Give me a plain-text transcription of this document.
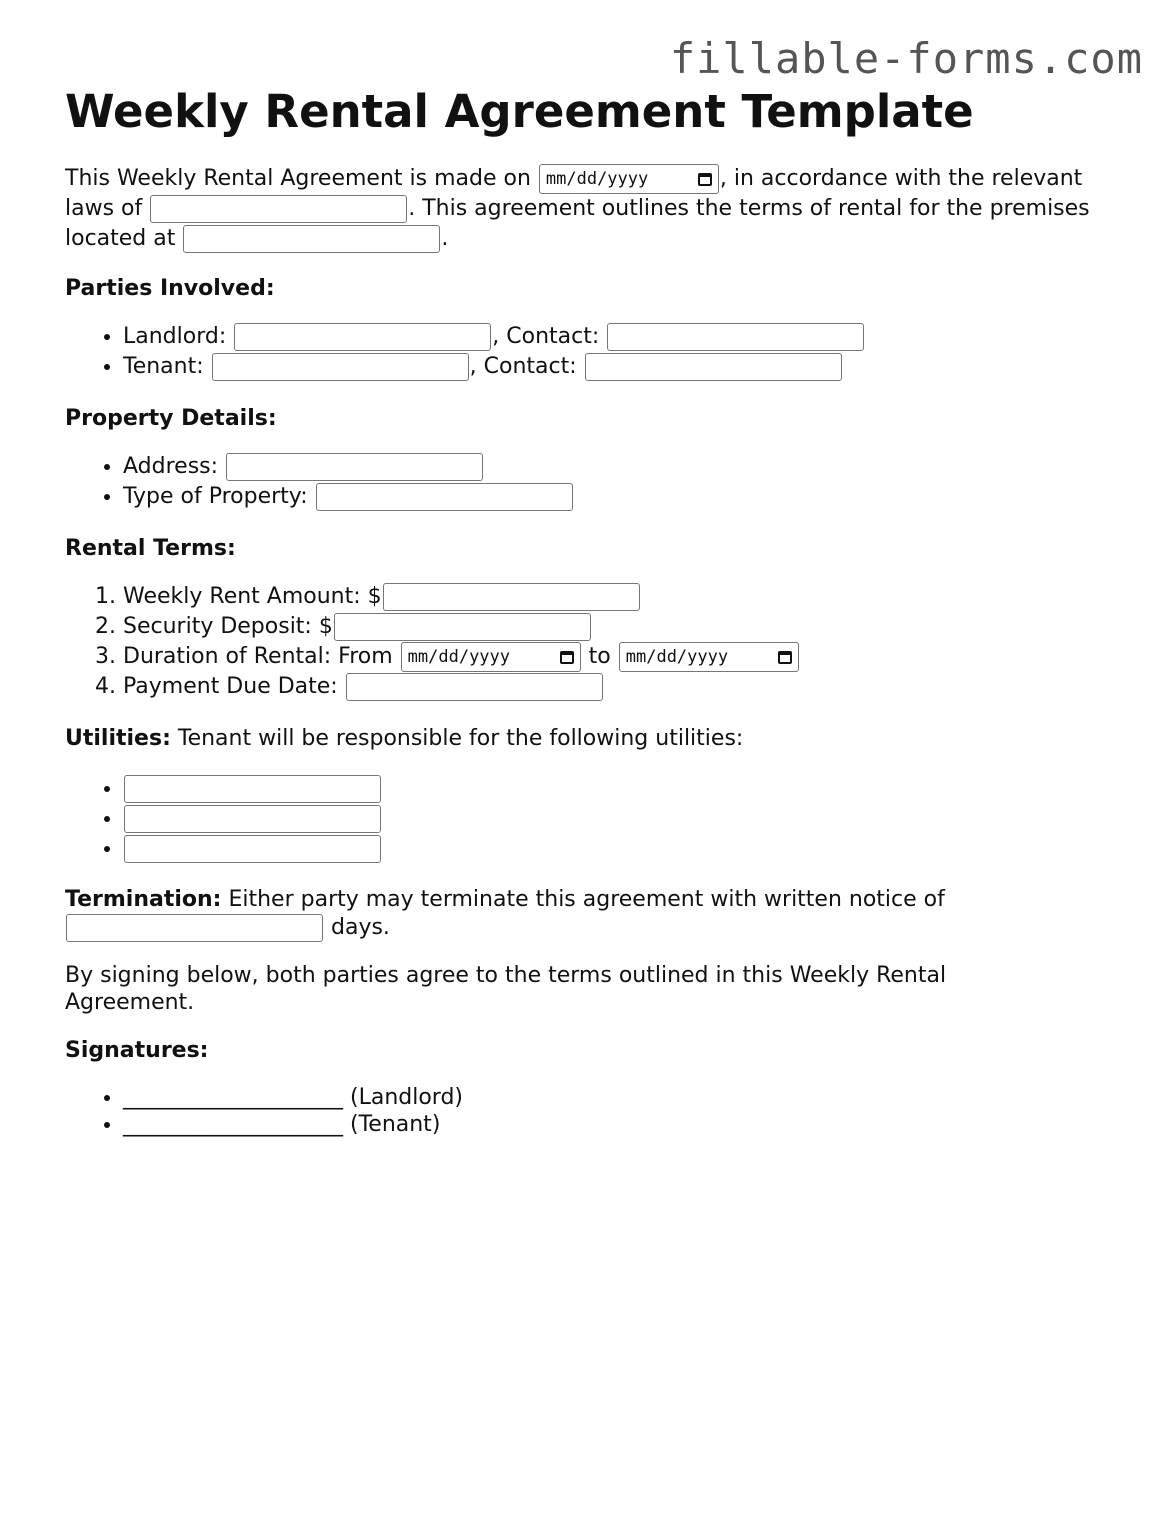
fillable-forms.com
Weekly Rental Agreement Template

This Weekly Rental Agreement is made on mm/dd/yyyy	, in accordance with the relevant laws of	. This agreement outlines the terms of rental for the premises located at	.

Parties Involved:
• Landlord:	, Contact:
• Tenant:	, Contact:
Property Details:
• Address:
• Type of Property:
Rental Terms:
1. Weekly Rent Amount: $
2. Security Deposit: $
3. Duration of Rental: From mm/dd/yyyy	to mm/dd/yyyy
4. Payment Due Date:

Utilities: Tenant will be responsible for the following utilities:

•
•
•

Termination: Either party may terminate this agreement with written notice of  days.

By signing below, both parties agree to the terms outlined in this Weekly Rental Agreement.

Signatures:
• ____________________ (Landlord)
• ____________________ (Tenant)
